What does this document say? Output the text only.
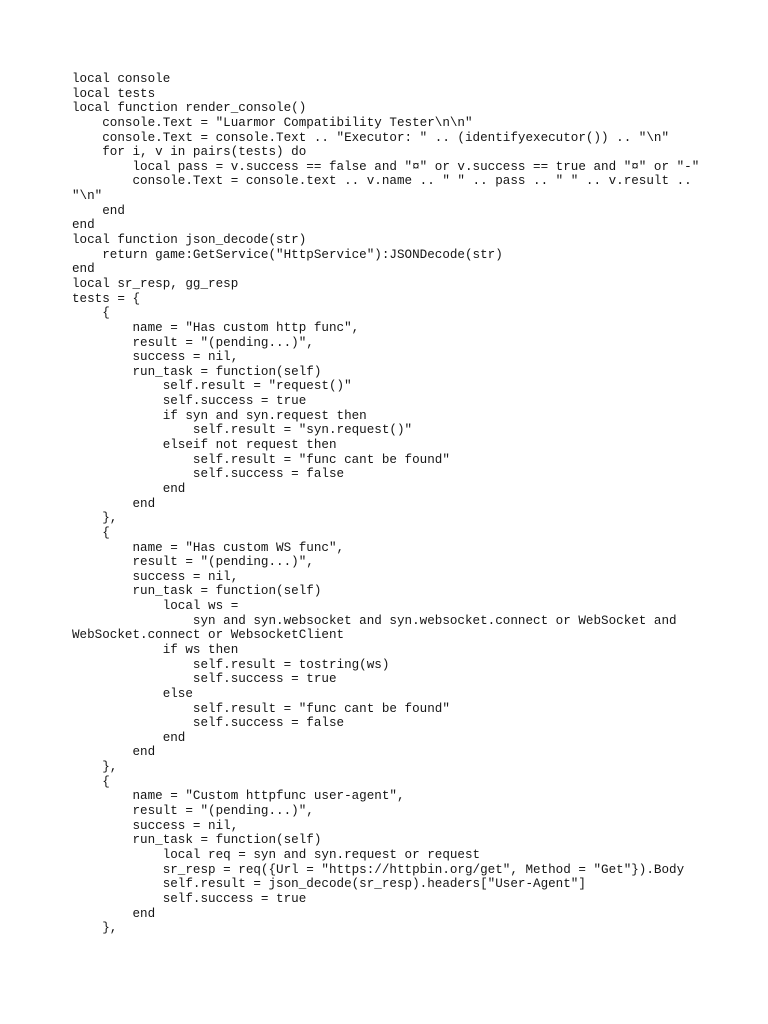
local console
local tests
local function render_console()
console.Text = "Luarmor Compatibility Tester\n\n"
console.Text = console.Text .. "Executor: " .. (identifyexecutor()) .. "\n"
for i, v in pairs(tests) do
local pass = v.success == false and "¤" or v.success == true and "¤" or "-"
console.Text = console.text .. v.name .. " " .. pass .. " " .. v.result ..
"\n"
end
end
local function json_decode(str)
return game:GetService("HttpService"):JSONDecode(str)
end
local sr_resp, gg_resp
tests = {
{
name = "Has custom http func",
result = "(pending...)",
success = nil,
run_task = function(self)
self.result = "request()"
self.success = true
if syn and syn.request then
self.result = "syn.request()"
elseif not request then
self.result = "func cant be found"
self.success = false
end
end
},
{
name = "Has custom WS func",
result = "(pending...)",
success = nil,
run_task = function(self)
local ws =
syn and syn.websocket and syn.websocket.connect or WebSocket and
WebSocket.connect or WebsocketClient
if ws then
self.result = tostring(ws)
self.success = true
else
self.result = "func cant be found"
self.success = false
end
end
},
{
name = "Custom httpfunc user-agent",
result = "(pending...)",
success = nil,
run_task = function(self)
local req = syn and syn.request or request
sr_resp = req({Url = "https://httpbin.org/get", Method = "Get"}).Body
self.result = json_decode(sr_resp).headers["User-Agent"]
self.success = true
end
},
